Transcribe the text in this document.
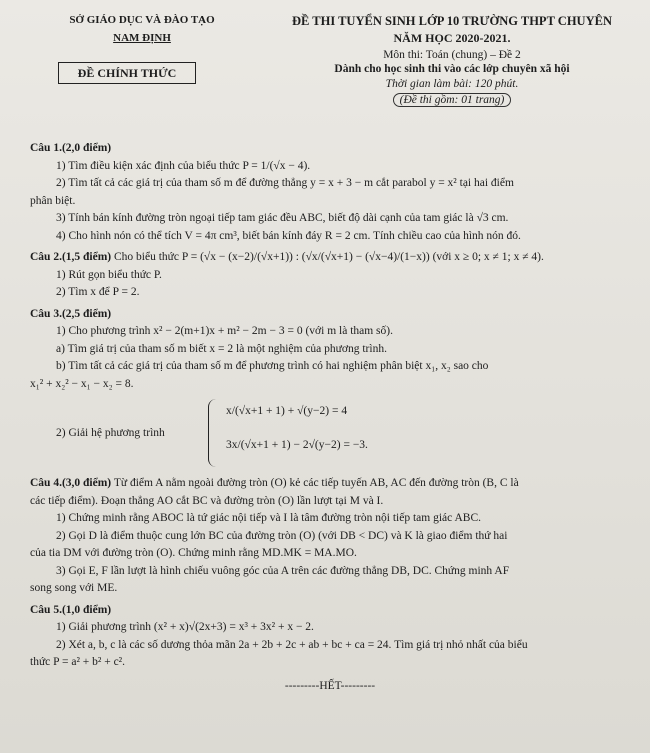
SỞ GIÁO DỤC VÀ ĐÀO TẠO
NAM ĐỊNH
ĐỀ CHÍNH THỨC
ĐỀ THI TUYỂN SINH LỚP 10 TRƯỜNG THPT CHUYÊN
NĂM HỌC 2020-2021.
Môn thi: Toán (chung) – Đề 2
Dành cho học sinh thi vào các lớp chuyên xã hội
Thời gian làm bài: 120 phút.
(Đề thi gồm: 01 trang)
Câu 1.(2,0 điểm)

1) Tìm điều kiện xác định của biểu thức P = 1/(√x − 4).

2) Tìm tất cả các giá trị của tham số m để đường thẳng y = x + 3 − m cắt parabol y = x² tại hai điểm

phân biệt.

3) Tính bán kính đường tròn ngoại tiếp tam giác đều ABC, biết độ dài cạnh của tam giác là √3 cm.

4) Cho hình nón có thể tích V = 4π cm³, biết bán kính đáy R = 2 cm. Tính chiều cao của hình nón đó.

Câu 2.(1,5 điểm) Cho biểu thức P = (√x − (x−2)/(√x+1)) : (√x/(√x+1) − (√x−4)/(1−x)) (với x ≥ 0; x ≠ 1; x ≠ 4).

1) Rút gọn biểu thức P.

2) Tìm x để P = 2.

Câu 3.(2,5 điểm)

1) Cho phương trình x² − 2(m+1)x + m² − 2m − 3 = 0 (với m là tham số).

a) Tìm giá trị của tham số m biết x = 2 là một nghiệm của phương trình.

b) Tìm tất cả các giá trị của tham số m để phương trình có hai nghiệm phân biệt x₁, x₂ sao cho

x₁² + x₂² − x₁ − x₂ = 8.

2) Giải hệ phương trình
x/(√x+1 + 1) + √(y−2) = 4
3x/(√x+1 + 1) − 2√(y−2) = −3.
Câu 4.(3,0 điểm) Từ điểm A nằm ngoài đường tròn (O) kẻ các tiếp tuyến AB, AC đến đường tròn (B, C là

các tiếp điểm). Đoạn thẳng AO cắt BC và đường tròn (O) lần lượt tại M và I.

1) Chứng minh rằng ABOC là tứ giác nội tiếp và I là tâm đường tròn nội tiếp tam giác ABC.

2) Gọi D là điểm thuộc cung lớn BC của đường tròn (O) (với DB < DC) và K là giao điểm thứ hai

của tia DM với đường tròn (O). Chứng minh rằng MD.MK = MA.MO.

3) Gọi E, F lần lượt là hình chiếu vuông góc của A trên các đường thẳng DB, DC. Chứng minh AF

song song với ME.

Câu 5.(1,0 điểm)

1) Giải phương trình (x² + x)√(2x+3) = x³ + 3x² + x − 2.

2) Xét a, b, c là các số dương thỏa mãn 2a + 2b + 2c + ab + bc + ca = 24. Tìm giá trị nhỏ nhất của biểu

thức P = a² + b² + c².

---------HẾT---------
